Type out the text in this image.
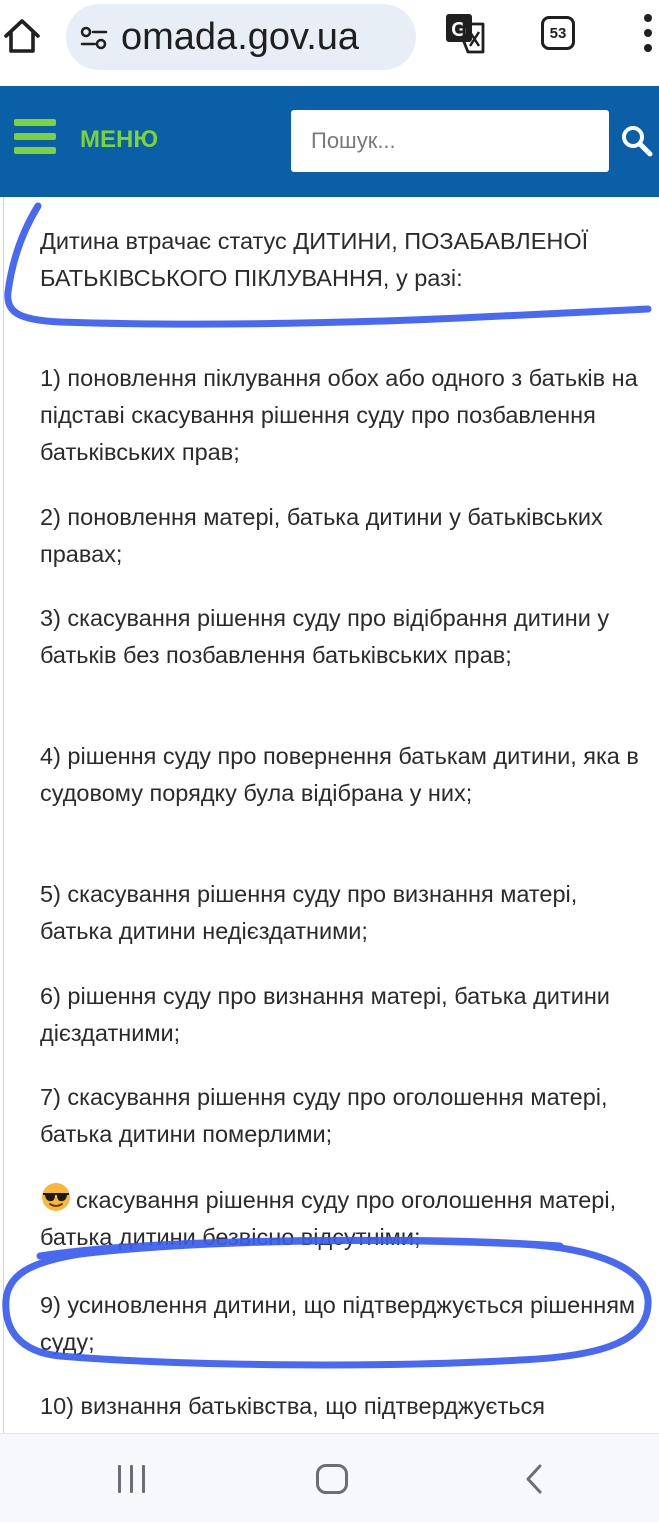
omada.gov.ua	G	53
МЕНЮ
Пошук...

Дитина втрачає статус ДИТИНИ, ПОЗАБАВЛЕНОЇ БАТЬКІВСЬКОГО ПІКЛУВАННЯ, у разі:

1) поновлення піклування обох або одного з батьків на підставі скасування рішення суду про позбавлення батьківських прав;

2) поновлення матері, батька дитини у батьківських правах;

3) скасування рішення суду про відібрання дитини у батьків без позбавлення батьківських прав;

4) рішення суду про повернення батькам дитини, яка в судовому порядку була відібрана у них;

5) скасування рішення суду про визнання матері, батька дитини недієздатними;

6) рішення суду про визнання матері, батька дитини дієздатними;

7) скасування рішення суду про оголошення матері, батька дитини померлими;

скасування рішення суду про оголошення матері, батька дитини безвісно відсутніми;

9) усиновлення дитини, що підтверджується рішенням суду;

10) визнання батьківства, що підтверджується
